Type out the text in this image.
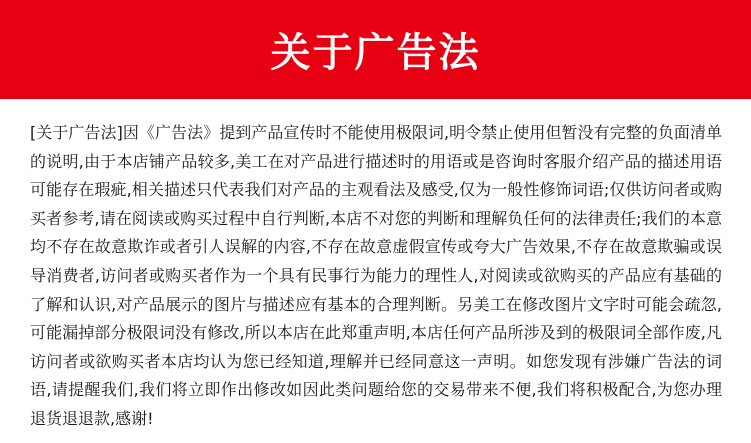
关于广告法

[关于广告法]因《广告法》提到产品宣传时不能使用极限词,明令禁止使用但暂没有完整的负面清单的说明,由于本店铺产品较多,美工在对产品进行描述时的用语或是咨询时客服介绍产品的描述用语可能存在瑕疵,相关描述只代表我们对产品的主观看法及感受,仅为一般性修饰词语;仅供访问者或购买者参考,请在阅读或购买过程中自行判断,本店不对您的判断和理解负任何的法律责任;我们的本意均不存在故意欺诈或者引人误解的内容,不存在故意虚假宣传或夸大广告效果,不存在故意欺骗或误导消费者,访问者或购买者作为一个具有民事行为能力的理性人,对阅读或欲购买的产品应有基础的了解和认识,对产品展示的图片与描述应有基本的合理判断。另美工在修改图片文字时可能会疏忽,可能漏掉部分极限词没有修改,所以本店在此郑重声明,本店任何产品所涉及到的极限词全部作废,凡访问者或欲购买者本店均认为您已经知道,理解并已经同意这一声明。如您发现有涉嫌广告法的词语,请提醒我们,我们将立即作出修改如因此类问题给您的交易带来不便,我们将积极配合,为您办理退货退退款,感谢!
